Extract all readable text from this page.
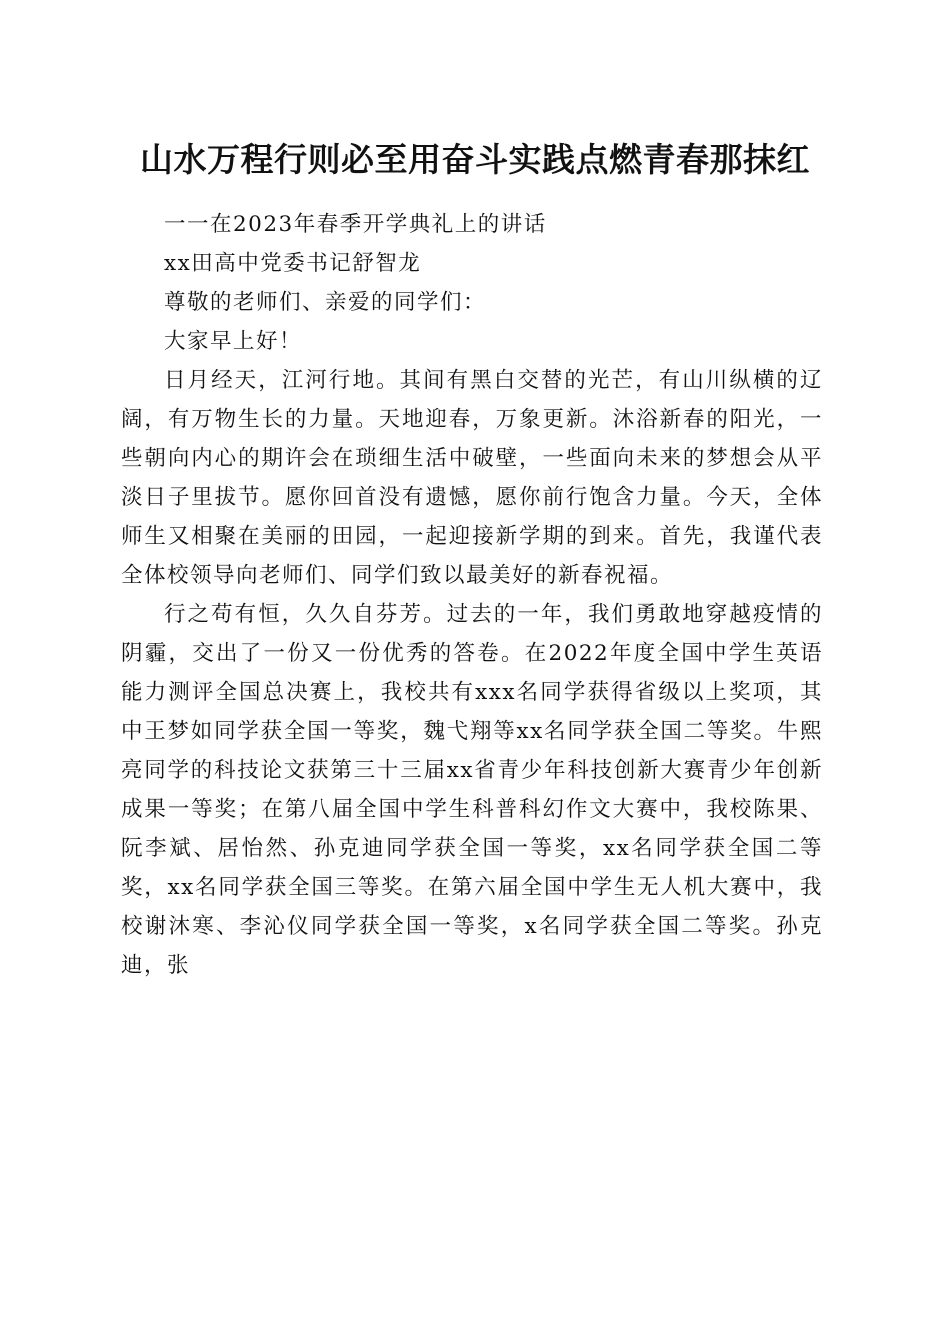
山水万程行则必至用奋斗实践点燃青春那抹红

一一在2023年春季开学典礼上的讲话

xx田高中党委书记舒智龙

尊敬的老师们、亲爱的同学们：

大家早上好！

日月经天，江河行地。其间有黑白交替的光芒，有山川纵横的辽阔，有万物生长的力量。天地迎春，万象更新。沐浴新春的阳光，一些朝向内心的期许会在琐细生活中破壁，一些面向未来的梦想会从平淡日子里拔节。愿你回首没有遗憾，愿你前行饱含力量。今天，全体师生又相聚在美丽的田园，一起迎接新学期的到来。首先，我谨代表全体校领导向老师们、同学们致以最美好的新春祝福。

行之苟有恒，久久自芬芳。过去的一年，我们勇敢地穿越疫情的阴霾，交出了一份又一份优秀的答卷。在2022年度全国中学生英语能力测评全国总决赛上，我校共有xxx名同学获得省级以上奖项，其中王梦如同学获全国一等奖，魏弋翔等xx名同学获全国二等奖。牛熙亮同学的科技论文获第三十三届xx省青少年科技创新大赛青少年创新成果一等奖；在第八届全国中学生科普科幻作文大赛中，我校陈果、阮李斌、居怡然、孙克迪同学获全国一等奖，xx名同学获全国二等奖，xx名同学获全国三等奖。在第六届全国中学生无人机大赛中，我校谢沐寒、李沁仪同学获全国一等奖，x名同学获全国二等奖。孙克迪，张
